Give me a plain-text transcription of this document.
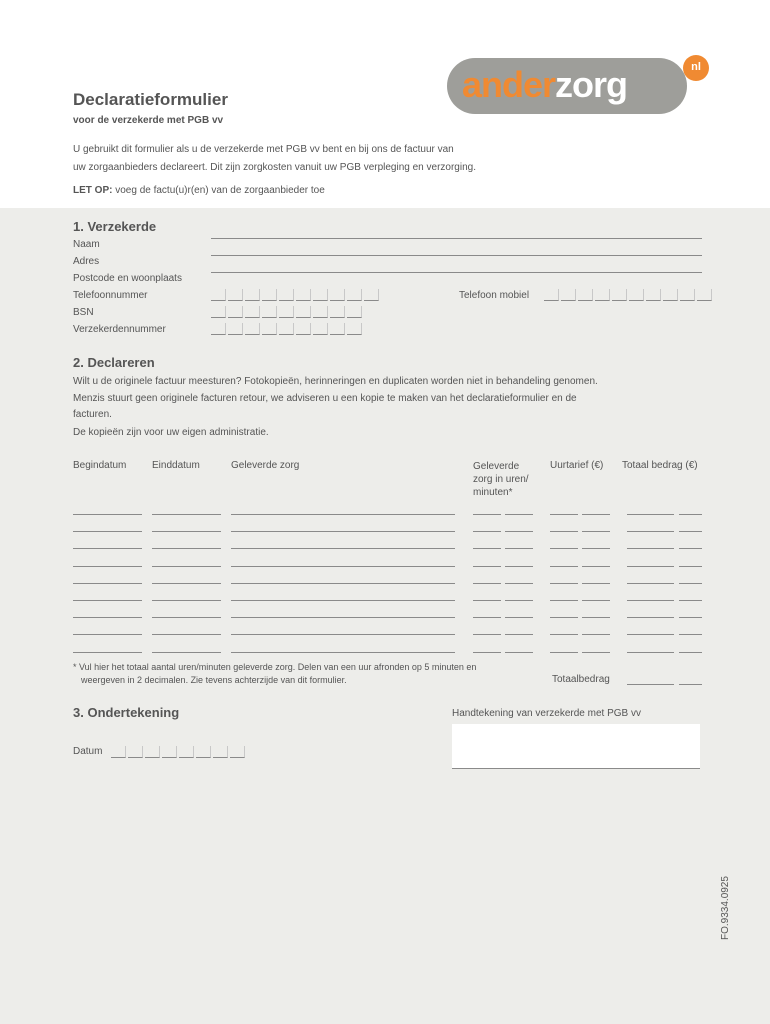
anderzorg	nl
Declaratieformulier
voor de verzekerde met PGB vv
U gebruikt dit formulier als u de verzekerde met PGB vv bent en bij ons de factuur van
uw zorgaanbieders declareert. Dit zijn zorgkosten vanuit uw PGB verpleging en verzorging.
LET OP: voeg de factu(u)r(en) van de zorgaanbieder toe
1. Verzekerde
Naam
Adres
Postcode en woonplaats
Telefoonnummer	Telefoon mobiel
BSN
Verzekerdennummer
2. Declareren
Wilt u de originele factuur meesturen? Fotokopieën, herinneringen en duplicaten worden niet in behandeling genomen.
Menzis stuurt geen originele facturen retour, we adviseren u een kopie te maken van het declaratieformulier en de
facturen.
De kopieën zijn voor uw eigen administratie.
Begindatum	Einddatum	Geleverde zorg	Geleverde
zorg in uren/
minuten*
Uurtarief (€) Totaal bedrag (€)
* Vul hier het totaal aantal uren/minuten geleverde zorg. Delen van een uur afronden op 5 minuten en
weergeven in 2 decimalen. Zie tevens achterzijde van dit formulier.	Totaalbedrag
3. Ondertekening	Handtekening van verzekerde met PGB vv
Datum
FO.9334.0925
